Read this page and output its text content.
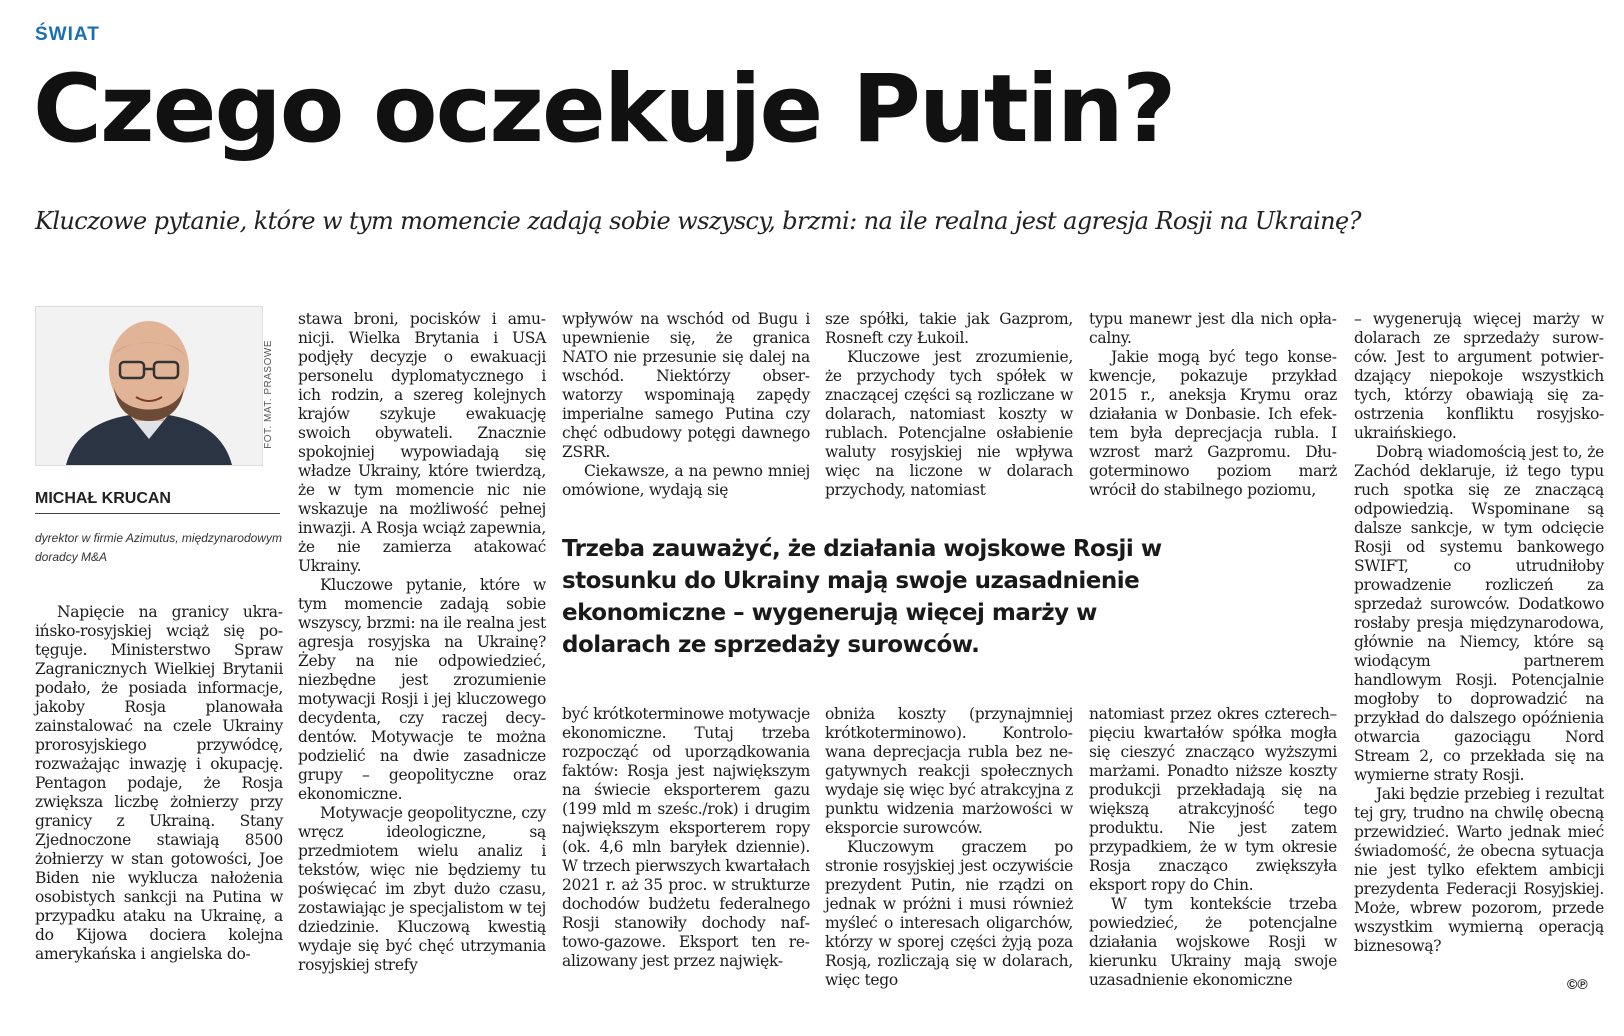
ŚWIAT
Czego oczekuje Putin?
Kluczowe pytanie, które w tym momencie zadają sobie wszyscy, brzmi: na ile realna jest agresja Rosji na Ukrainę?
FOT. MAT. PRASOWE
MICHAŁ KRUCAN
dyrektor w firmie Azimutus, międzynarodowym doradcy M&A

Napięcie na granicy ukraińsko-rosyjskiej wciąż się potęguje. Ministerstwo Spraw Zagranicznych Wielkiej Brytanii podało, że posiada informacje, jakoby Rosja planowała zainstalować na czele Ukrainy prorosyjskiego przywódcę, rozważając inwazję i okupację. Pentagon podaje, że Rosja zwiększa liczbę żołnierzy przy granicy z Ukrainą. Stany Zjednoczone stawiają 8500 żołnierzy w stan gotowości, Joe Biden nie wyklucza nałożenia osobistych sankcji na Putina w przypadku ataku na Ukrainę, a do Kijowa dociera kolejna amerykańska i angielska do-

stawa broni, pocisków i amunicji. Wielka Brytania i USA podjęły decyzje o ewakuacji personelu dyplomatycznego i ich rodzin, a szereg kolejnych krajów szykuje ewakuację swoich obywateli. Znacznie spokojniej wypowiadają się władze Ukrainy, które twierdzą, że w tym momencie nic nie wskazuje na możliwość pełnej inwazji. A Rosja wciąż zapewnia, że nie zamierza atakować Ukrainy.

Kluczowe pytanie, które w tym momencie zadają sobie wszyscy, brzmi: na ile realna jest agresja rosyjska na Ukrainę? Żeby na nie odpowiedzieć, niezbędne jest zrozumienie motywacji Rosji i jej kluczowego decydenta, czy raczej decydentów. Motywacje te można podzielić na dwie zasadnicze grupy – geopolityczne oraz ekonomiczne.

Motywacje geopolityczne, czy wręcz ideologiczne, są przedmiotem wielu analiz i tekstów, więc nie będziemy tu poświęcać im zbyt dużo czasu, zostawiając je specjalistom w tej dziedzinie. Kluczową kwestią wydaje się być chęć utrzymania rosyjskiej strefy

wpływów na wschód od Bugu i upewnienie się, że granica NATO nie przesunie się dalej na wschód. Niektórzy obserwatorzy wspominają zapędy imperialne samego Putina czy chęć odbudowy potęgi dawnego ZSRR.

Ciekawsze, a na pewno mniej omówione, wydają się

być krótkoterminowe motywacje ekonomiczne. Tutaj trzeba rozpocząć od uporządkowania faktów: Rosja jest największym na świecie eksporterem gazu (199 mld m sześc./rok) i drugim największym eksporterem ropy (ok. 4,6 mln baryłek dziennie). W trzech pierwszych kwartałach 2021 r. aż 35 proc. w strukturze dochodów budżetu federalnego Rosji stanowiły dochody naftowo-gazowe. Eksport ten realizowany jest przez najwięk-

sze spółki, takie jak Gazprom, Rosneft czy Łukoil.

Kluczowe jest zrozumienie, że przychody tych spółek w znaczącej części są rozliczane w dolarach, natomiast koszty w rublach. Potencjalne osłabienie waluty rosyjskiej nie wpływa więc na liczone w dolarach przychody, natomiast

obniża koszty (przynajmniej krótkoterminowo). Kontrolowana deprecjacja rubla bez negatywnych reakcji społecznych wydaje się więc być atrakcyjna z punktu widzenia marżowości w eksporcie surowców.

Kluczowym graczem po stronie rosyjskiej jest oczywiście prezydent Putin, nie rządzi on jednak w próżni i musi również myśleć o interesach oligarchów, którzy w sporej części żyją poza Rosją, rozliczają się w dolarach, więc tego

typu manewr jest dla nich opłacalny.

Jakie mogą być tego konsekwencje, pokazuje przykład 2015 r., aneksja Krymu oraz działania w Donbasie. Ich efektem była deprecjacja rubla. I wzrost marż Gazpromu. Długoterminowo poziom marż wrócił do stabilnego poziomu,

natomiast przez okres czterech–pięciu kwartałów spółka mogła się cieszyć znacząco wyższymi marżami. Ponadto niższe koszty produkcji przekładają się na większą atrakcyjność tego produktu. Nie jest zatem przypadkiem, że w tym okresie Rosja znacząco zwiększyła eksport ropy do Chin.

W tym kontekście trzeba powiedzieć, że potencjalne działania wojskowe Rosji w kierunku Ukrainy mają swoje uzasadnienie ekonomiczne

– wygenerują więcej marży w dolarach ze sprzedaży surowców. Jest to argument potwierdzający niepokoje wszystkich tych, którzy obawiają się zaostrzenia konfliktu rosyjsko-ukraińskiego.

Dobrą wiadomością jest to, że Zachód deklaruje, iż tego typu ruch spotka się ze znaczącą odpowiedzią. Wspominane są dalsze sankcje, w tym odcięcie Rosji od systemu bankowego SWIFT, co utrudniłoby prowadzenie rozliczeń za sprzedaż surowców. Dodatkowo rosłaby presja międzynarodowa, głównie na Niemcy, które są wiodącym partnerem handlowym Rosji. Potencjalnie mogłoby to doprowadzić na przykład do dalszego opóźnienia otwarcia gazociągu Nord Stream 2, co przekłada się na wymierne straty Rosji.

Jaki będzie przebieg i rezultat tej gry, trudno na chwilę obecną przewidzieć. Warto jednak mieć świadomość, że obecna sytuacja nie jest tylko efektem ambicji prezydenta Federacji Rosyjskiej. Może, wbrew pozorom, przede wszystkim wymierną operacją biznesową?

Trzeba zauważyć, że działania wojskowe Rosji w stosunku do Ukrainy mają swoje uzasadnienie ekonomiczne – wygenerują więcej marży w dolarach ze sprzedaży surowców.
©℗
